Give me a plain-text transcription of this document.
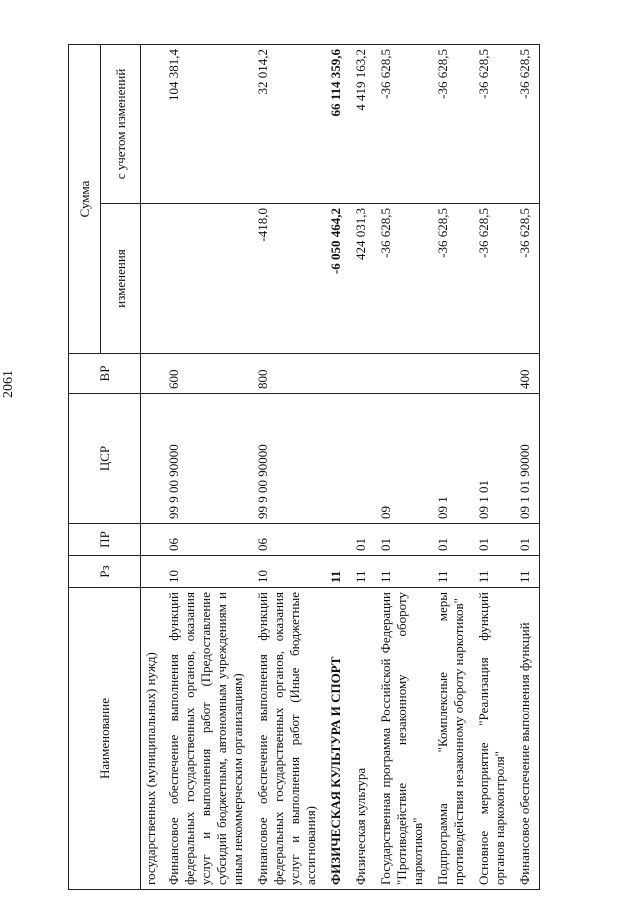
2061
Наименование	Рз	ПР	ЦСР	ВР	Сумма	
					изменения	с учетом изменений
государственных (муниципальных) нужд)						
Финансовое обеспечение выполнения функций федеральных государственных органов, оказания услуг и выполнения работ (Предоставление субсидий бюджетным, автономным учреждениям и иным некоммерческим организациям)	10	06	99 9 00 90000	600		104 381,4
Финансовое обеспечение выполнения функций федеральных государственных органов, оказания услуг и выполнения работ (Иные бюджетные ассигнования)	10	06	99 9 00 90000	800	-418,0	32 014,2
ФИЗИЧЕСКАЯ КУЛЬТУРА И СПОРТ	11				-6 050 464,2	66 114 359,6
Физическая культура	11	01			424 031,3	4 419 163,2
Государственная программа Российской Федерации "Противодействие незаконному обороту наркотиков"	11	01	09		-36 628,5	-36 628,5
Подпрограмма "Комплексные меры противодействия незаконному обороту наркотиков"	11	01	09 1		-36 628,5	-36 628,5
Основное мероприятие "Реализация функций органов наркоконтроля"	11	01	09 1 01		-36 628,5	-36 628,5
Финансовое обеспечение выполнения функций	11	01	09 1 01 90000	400	-36 628,5	-36 628,5
